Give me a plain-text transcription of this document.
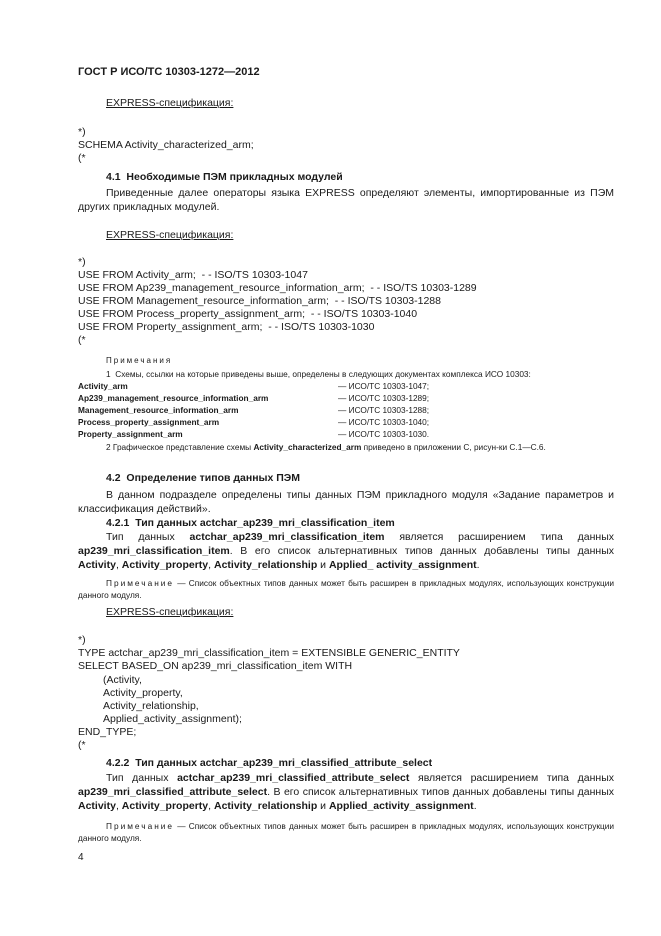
ГОСТ Р ИСО/ТС 10303-1272—2012
EXPRESS-спецификация:
*)
SCHEMA Activity_characterized_arm;
(*
4.1  Необходимые ПЭМ прикладных модулей
Приведенные далее операторы языка EXPRESS определяют элементы, импортированные из ПЭМ других прикладных модулей.
EXPRESS-спецификация:
*)
USE FROM Activity_arm;  - - ISO/TS 10303-1047
USE FROM Ap239_management_resource_information_arm;  - - ISO/TS 10303-1289
USE FROM Management_resource_information_arm;  - - ISO/TS 10303-1288
USE FROM Process_property_assignment_arm;  - - ISO/TS 10303-1040
USE FROM Property_assignment_arm;  - - ISO/TS 10303-1030
(*
Примечания
1  Схемы, ссылки на которые приведены выше, определены в следующих документах комплекса ИСО 10303:
Activity_arm	— ИСО/ТС 10303-1047;
Ap239_management_resource_information_arm	— ИСО/ТС 10303-1289;
Management_resource_information_arm	— ИСО/ТС 10303-1288;
Process_property_assignment_arm	— ИСО/ТС 10303-1040;
Property_assignment_arm	— ИСО/ТС 10303-1030.
2 Графическое представление схемы Activity_characterized_arm приведено в приложении С, рисун-ки С.1—С.6.
4.2  Определение типов данных ПЭМ
В данном подразделе определены типы данных ПЭМ прикладного модуля «Задание параметров и классификация действий».
4.2.1  Тип данных actchar_ap239_mri_classification_item
Тип данных actchar_ap239_mri_classification_item является расширением типа данных ap239_mri_classification_item. В его список альтернативных типов данных добавлены типы данных Activity, Activity_property, Activity_relationship и Applied_ activity_assignment.
Примечание — Список объектных типов данных может быть расширен в прикладных модулях, использующих конструкции данного модуля.
EXPRESS-спецификация:
*)
TYPE actchar_ap239_mri_classification_item = EXTENSIBLE GENERIC_ENTITY
SELECT BASED_ON ap239_mri_classification_item WITH
(Activity,
Activity_property,
Activity_relationship,
Applied_activity_assignment);
END_TYPE;
(*
4.2.2  Тип данных actchar_ap239_mri_classified_attribute_select
Тип данных actchar_ap239_mri_classified_attribute_select является расширением типа данных ap239_mri_classified_attribute_select. В его список альтернативных типов данных добавлены типы данных Activity, Activity_property, Activity_relationship и Applied_activity_assignment.
Примечание — Список объектных типов данных может быть расширен в прикладных модулях, использующих конструкции данного модуля.
4
